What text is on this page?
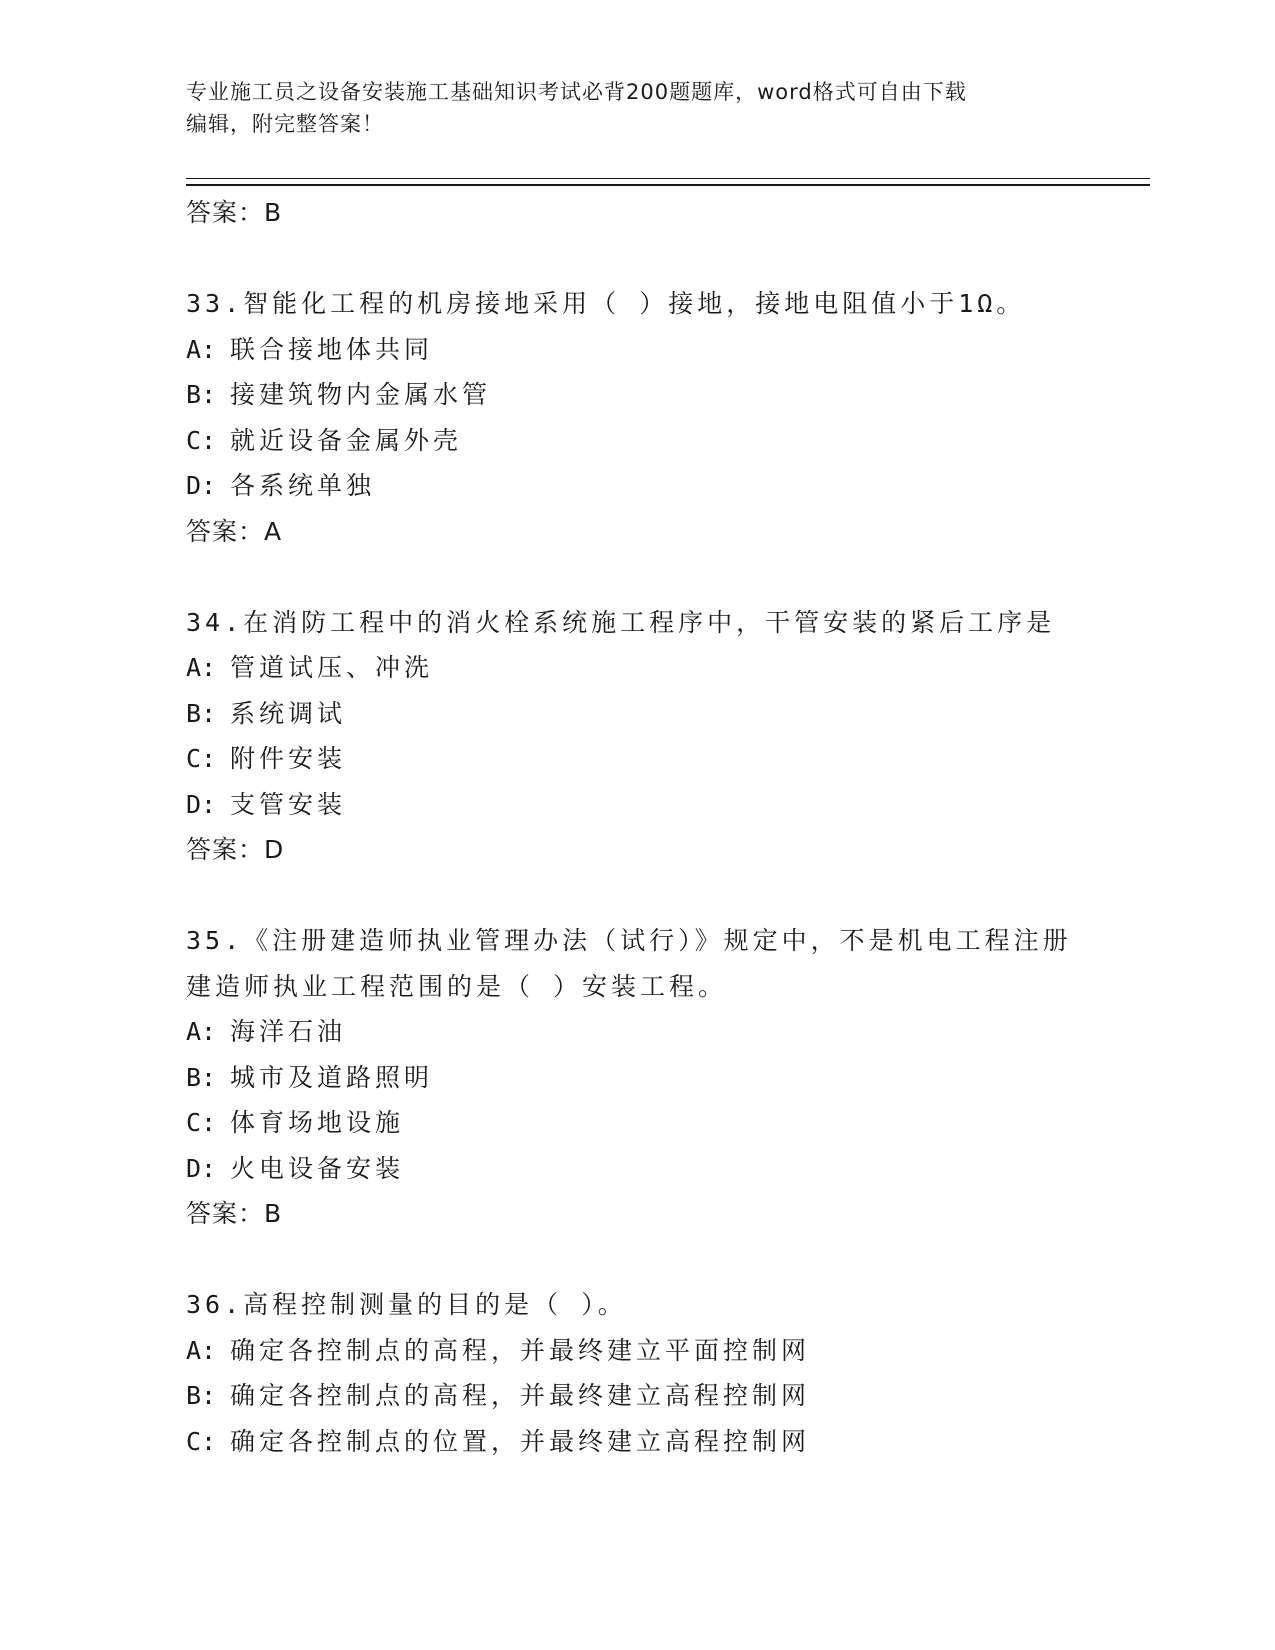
专业施工员之设备安装施工基础知识考试必背200题题库，word格式可自由下载
编辑，附完整答案！
答案：B
33.智能化工程的机房接地采用（ ）接地，接地电阻值小于1Ω。
A: 联合接地体共同
B: 接建筑物内金属水管
C: 就近设备金属外壳
D: 各系统单独
答案：A
34.在消防工程中的消火栓系统施工程序中，干管安装的紧后工序是
A: 管道试压、冲洗
B: 系统调试
C: 附件安装
D: 支管安装
答案：D
35.《注册建造师执业管理办法（试行）》规定中，不是机电工程注册
建造师执业工程范围的是（ ）安装工程。
A: 海洋石油
B: 城市及道路照明
C: 体育场地设施
D: 火电设备安装
答案：B
36.高程控制测量的目的是（ ）。
A: 确定各控制点的高程，并最终建立平面控制网
B: 确定各控制点的高程，并最终建立高程控制网
C: 确定各控制点的位置，并最终建立高程控制网
